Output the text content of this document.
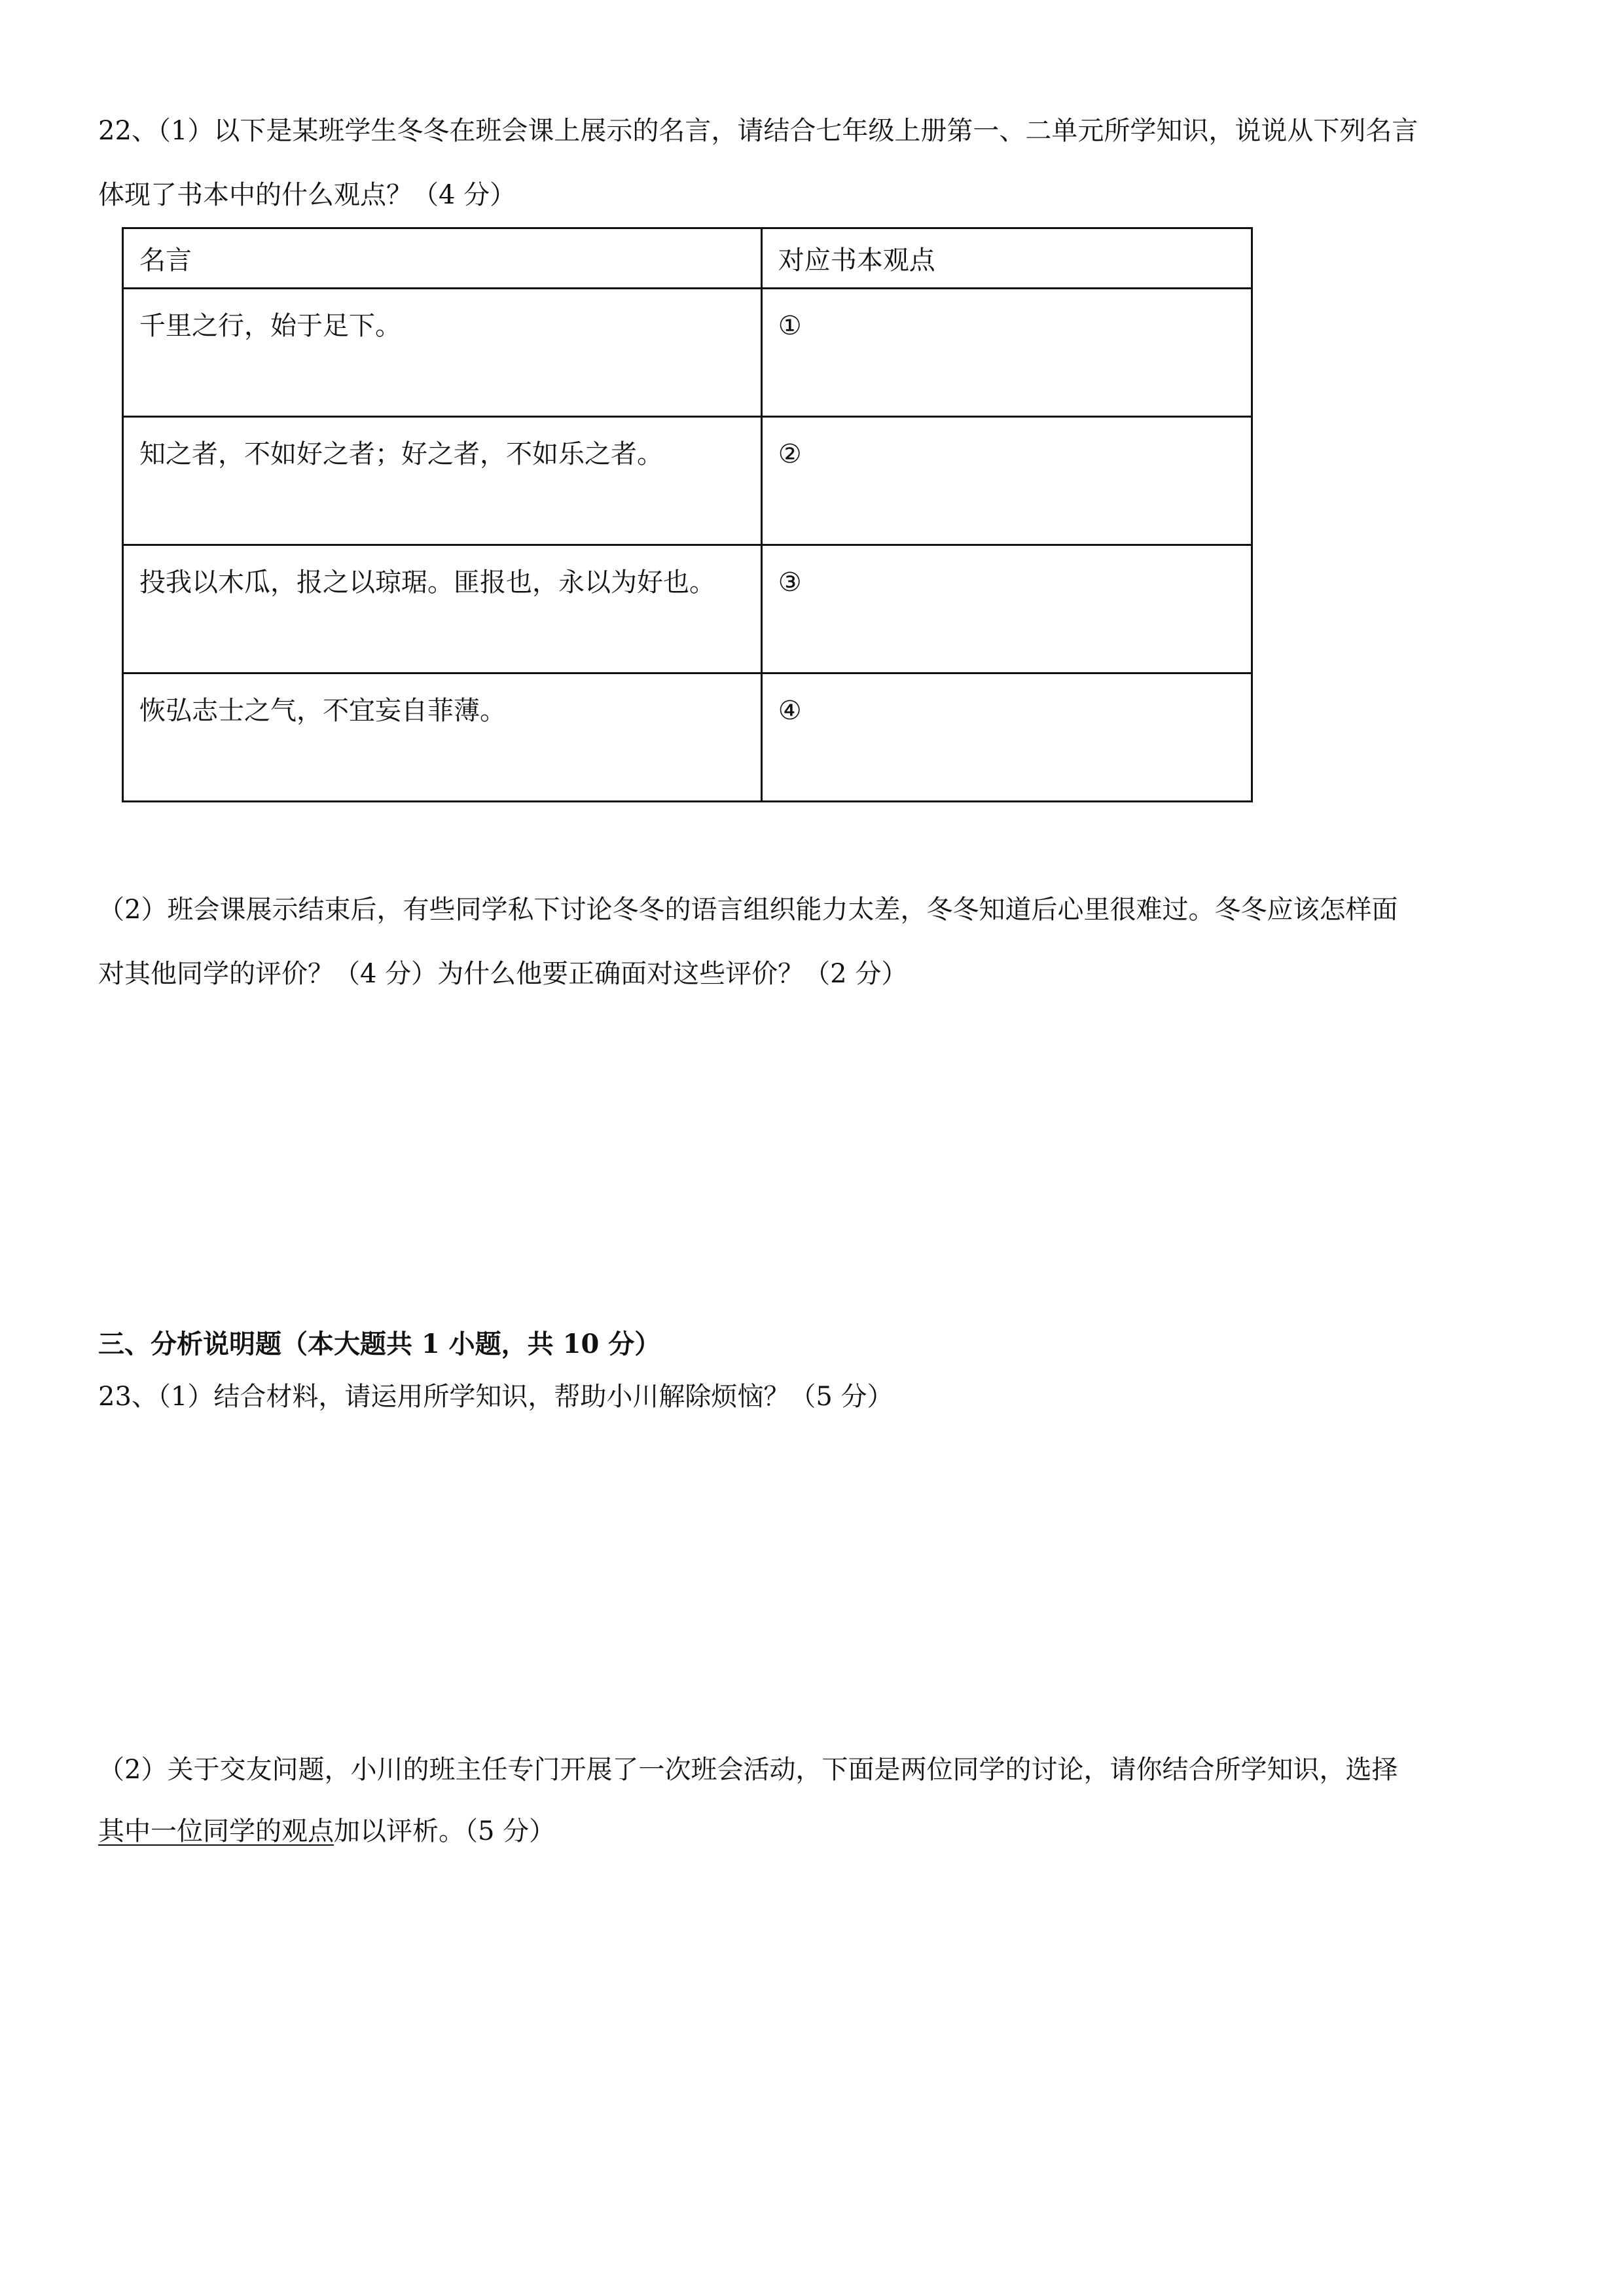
22、（1）以下是某班学生冬冬在班会课上展示的名言，请结合七年级上册第一、二单元所学知识，说说从下列名言
体现了书本中的什么观点？（4 分）
名言	对应书本观点
千里之行，始于足下。	①
知之者，不如好之者；好之者，不如乐之者。	②
投我以木瓜，报之以琼琚。匪报也，永以为好也。	③
恢弘志士之气，不宜妄自菲薄。	④
（2）班会课展示结束后，有些同学私下讨论冬冬的语言组织能力太差，冬冬知道后心里很难过。冬冬应该怎样面
对其他同学的评价？（4 分）为什么他要正确面对这些评价？（2 分）
三、分析说明题（本大题共 1 小题，共 10 分）
23、（1）结合材料，请运用所学知识，帮助小川解除烦恼？（5 分）
（2）关于交友问题，小川的班主任专门开展了一次班会活动，下面是两位同学的讨论，请你结合所学知识，选择
其中一位同学的观点加以评析。（5 分）
